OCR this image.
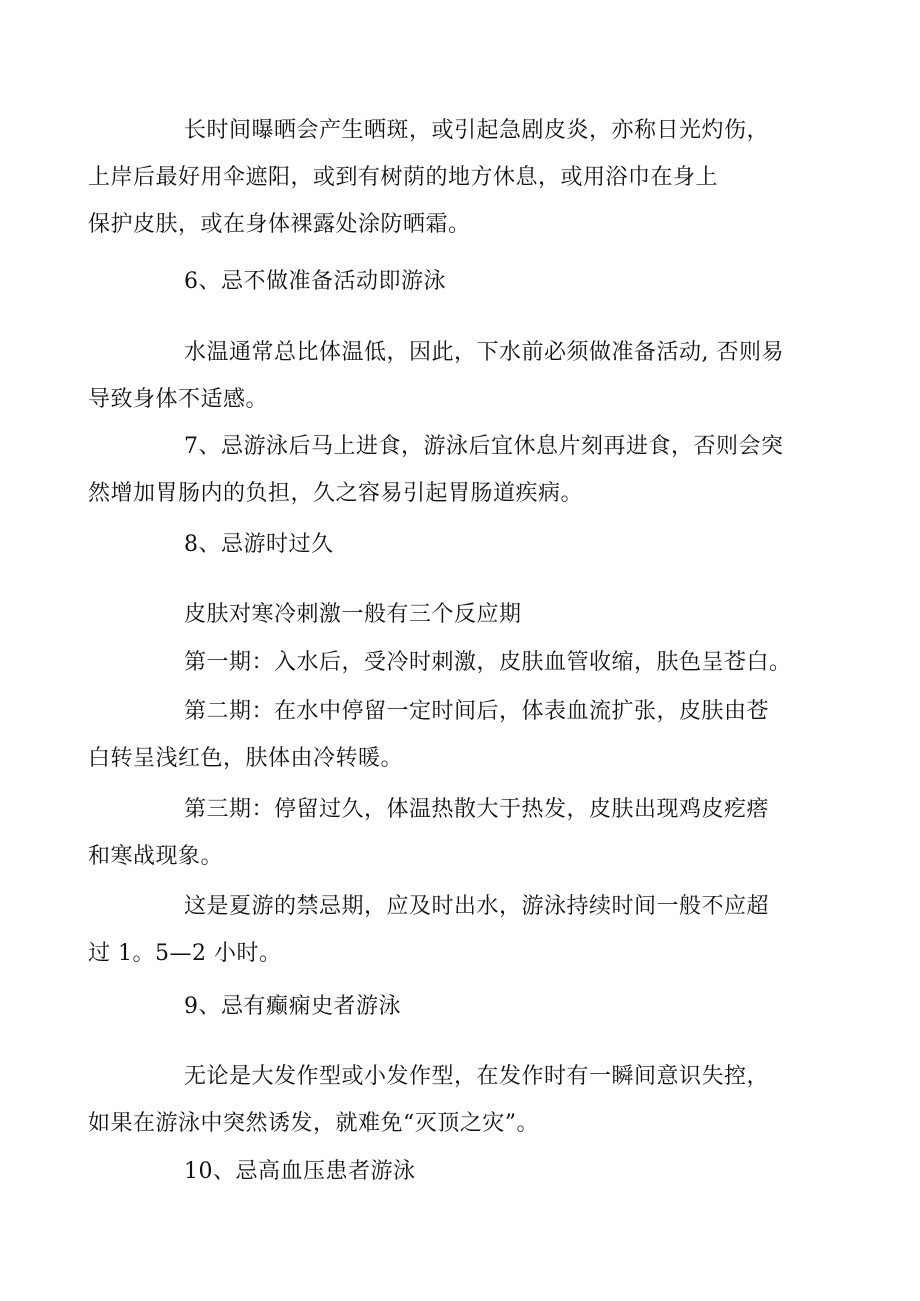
长时间曝晒会产生晒斑，或引起急剧皮炎，亦称日光灼伤，
上岸后最好用伞遮阳，或到有树荫的地方休息，或用浴巾在身上
保护皮肤，或在身体裸露处涂防晒霜。
6、忌不做准备活动即游泳
水温通常总比体温低，因此，下水前必须做准备活动, 否则易
导致身体不适感。
7、忌游泳后马上进食，游泳后宜休息片刻再进食，否则会突
然增加胃肠内的负担，久之容易引起胃肠道疾病。
8、忌游时过久
皮肤对寒冷刺激一般有三个反应期
第一期：入水后，受冷时刺激，皮肤血管收缩，肤色呈苍白。
第二期：在水中停留一定时间后，体表血流扩张，皮肤由苍
白转呈浅红色，肤体由冷转暖。
第三期：停留过久，体温热散大于热发，皮肤出现鸡皮疙瘩
和寒战现象。
这是夏游的禁忌期，应及时出水，游泳持续时间一般不应超
过 1。5—2 小时。
9、忌有癫痫史者游泳
无论是大发作型或小发作型，在发作时有一瞬间意识失控，
如果在游泳中突然诱发，就难免“灭顶之灾”。
10、忌高血压患者游泳
